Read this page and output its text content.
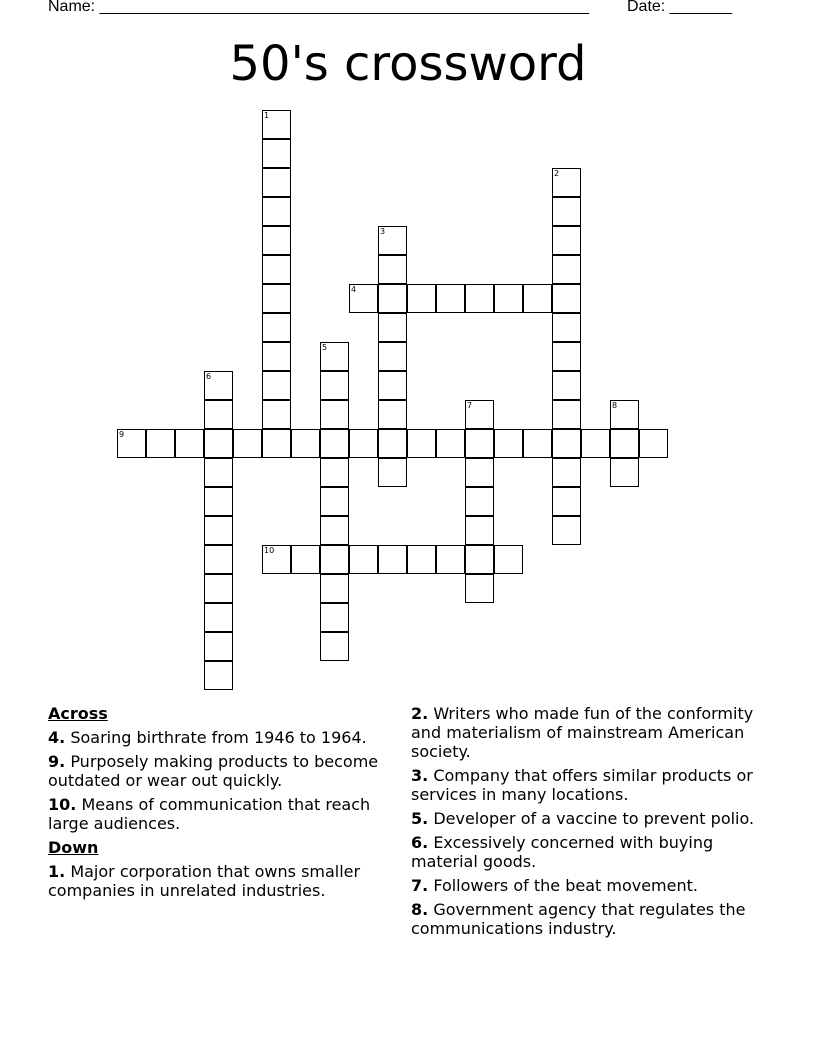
Name: _______________________________________________________ Date: _______
50's crossword
1
2
3
4
5
6
7	8
9
10
Across
4. Soaring birthrate from 1946 to 1964.
9. Purposely making products to become outdated or wear out quickly.
10. Means of communication that reach large audiences.
Down
1. Major corporation that owns smaller companies in unrelated industries.
2. Writers who made fun of the conformity and materialism of mainstream American society.
3. Company that offers similar products or services in many locations.
5. Developer of a vaccine to prevent polio.
6. Excessively concerned with buying material goods.
7. Followers of the beat movement.
8. Government agency that regulates the communications industry.
